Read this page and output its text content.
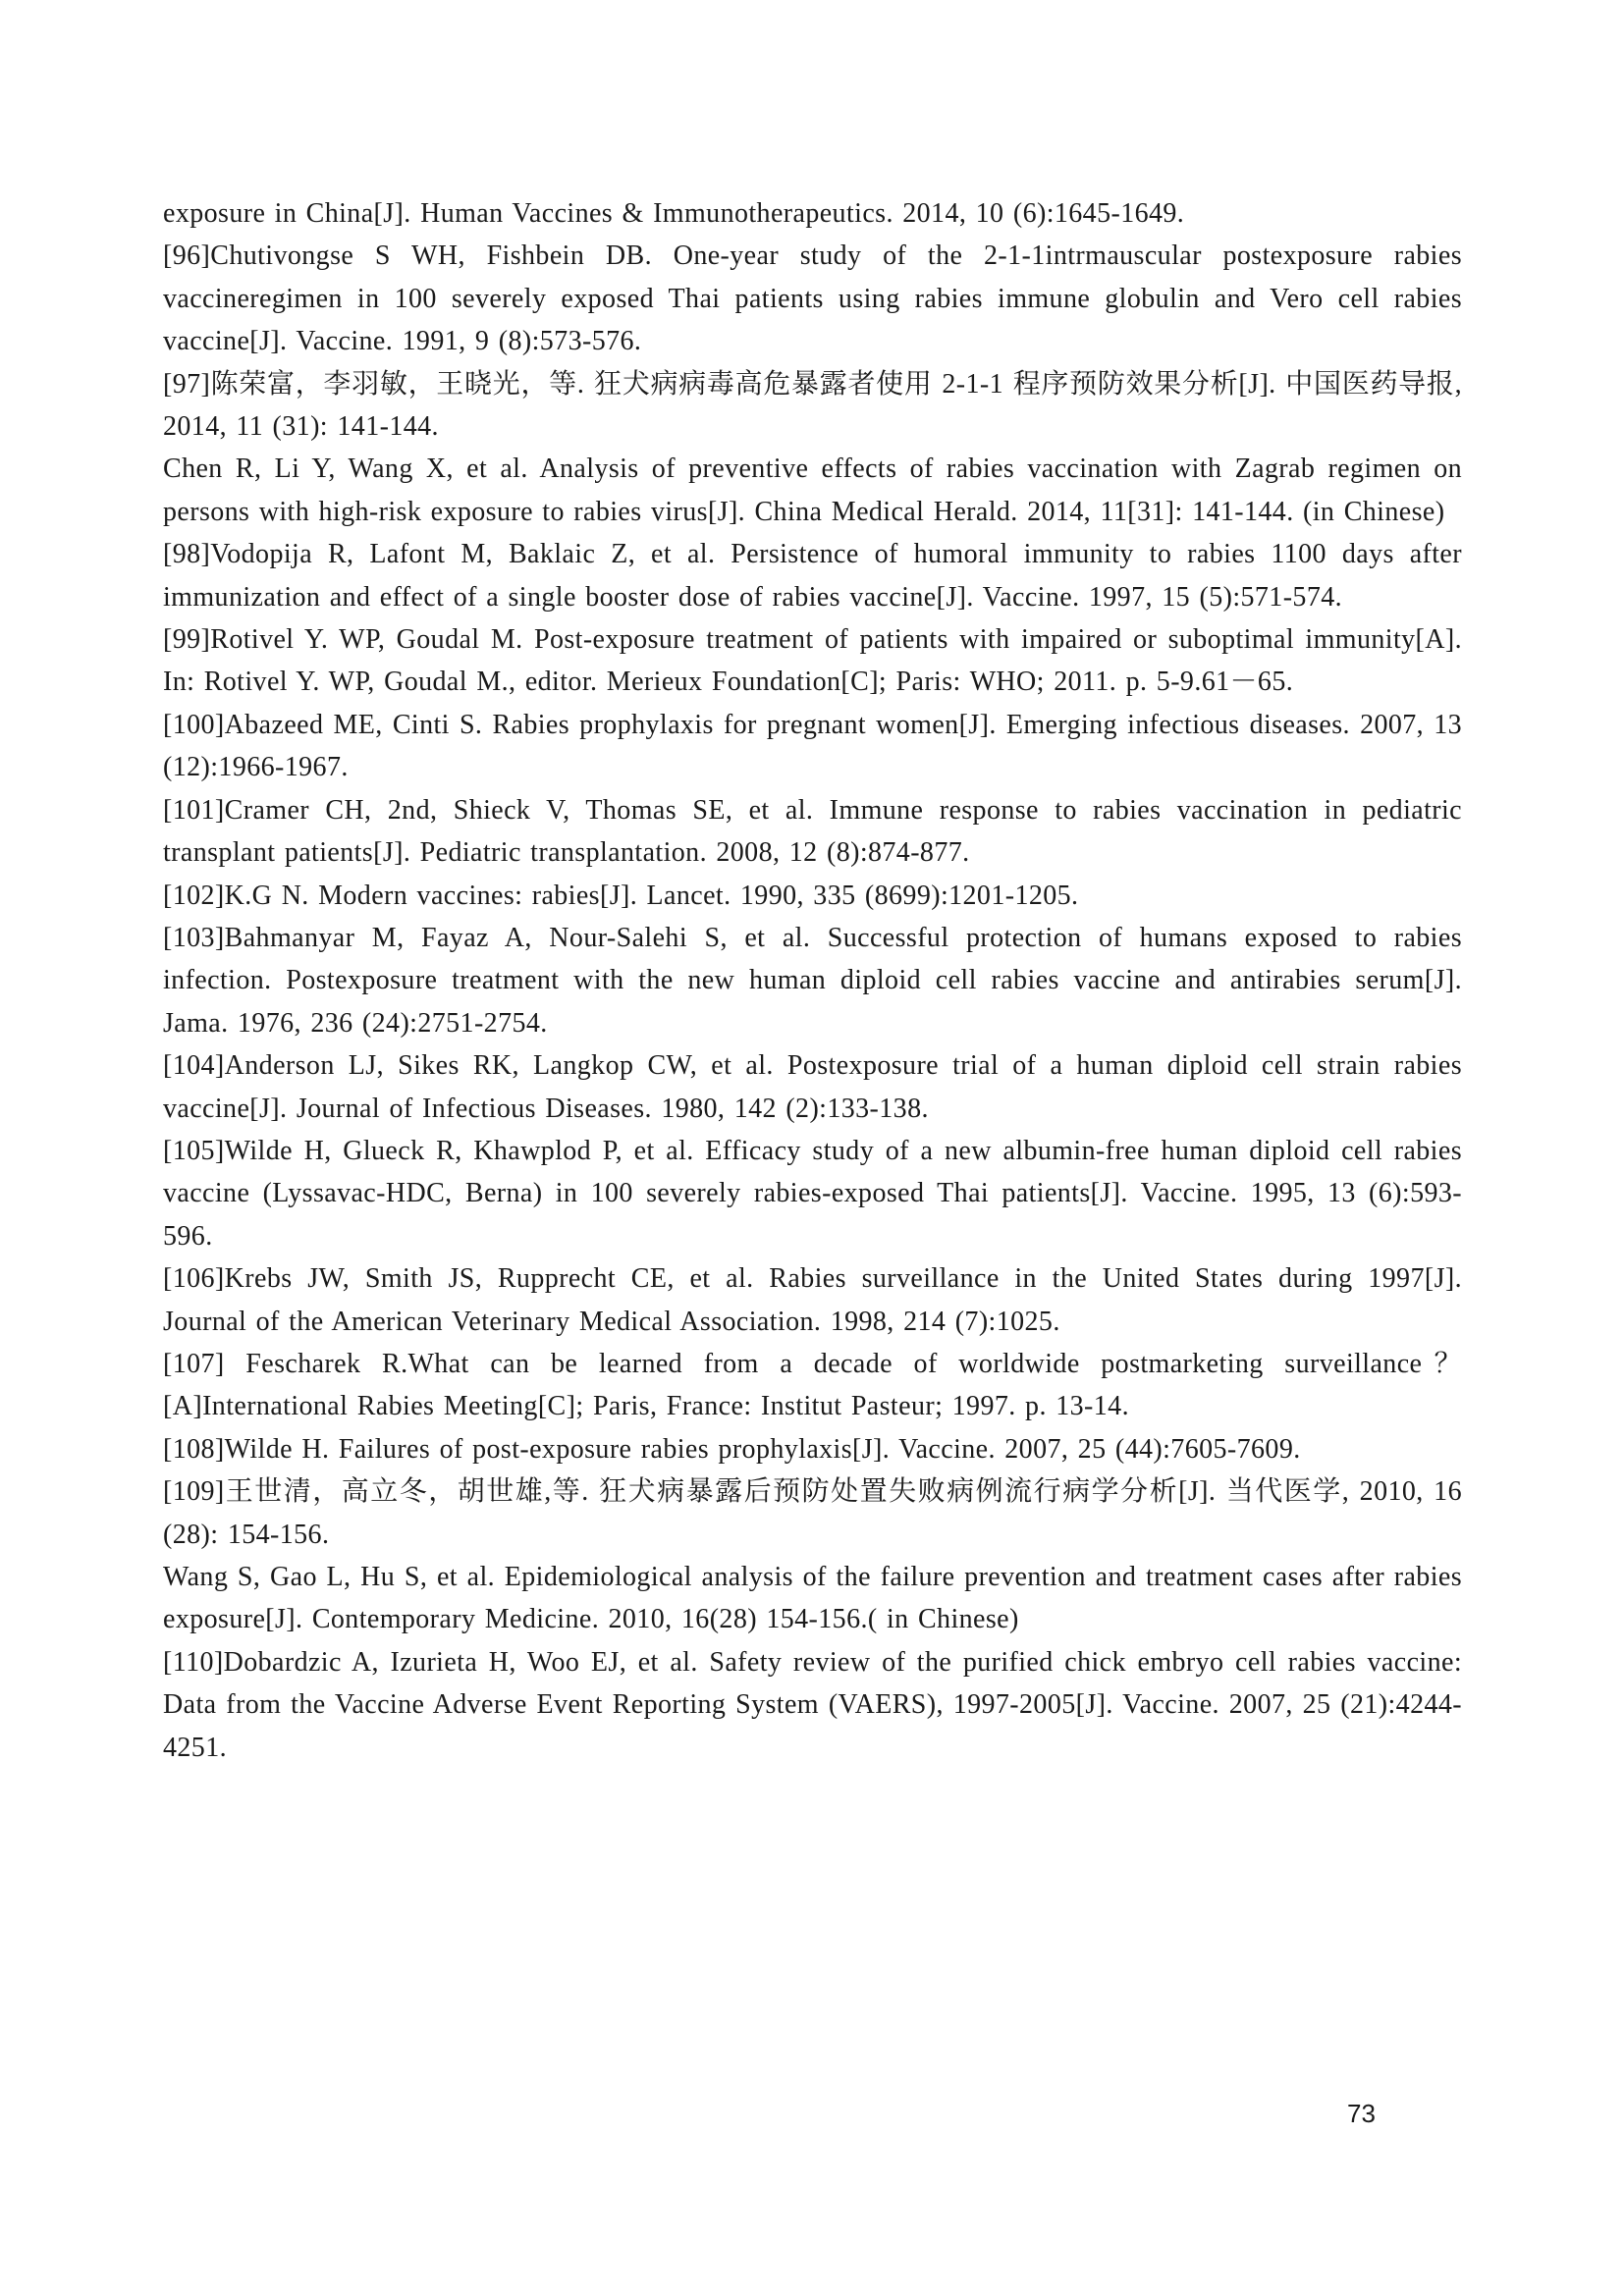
exposure in China[J]. Human Vaccines & Immunotherapeutics. 2014, 10 (6):1645-1649.

[96]Chutivongse S WH, Fishbein DB. One-year study of the 2-1-1intrmauscular postexposure rabies vaccineregimen in 100 severely exposed Thai patients using rabies immune globulin and Vero cell rabies vaccine[J]. Vaccine. 1991, 9 (8):573-576.

[97]陈荣富，李羽敏，王晓光，等. 狂犬病病毒高危暴露者使用 2-1-1 程序预防效果分析[J]. 中国医药导报, 2014, 11 (31): 141-144.

Chen R, Li Y, Wang X, et al. Analysis of preventive effects of rabies vaccination with Zagrab regimen on persons with high-risk exposure to rabies virus[J]. China Medical Herald. 2014, 11[31]: 141-144. (in Chinese)

[98]Vodopija R, Lafont M, Baklaic Z, et al. Persistence of humoral immunity to rabies 1100 days after immunization and effect of a single booster dose of rabies vaccine[J]. Vaccine. 1997, 15 (5):571-574.

[99]Rotivel Y. WP, Goudal M. Post-exposure treatment of patients with impaired or suboptimal immunity[A]. In: Rotivel Y. WP, Goudal M., editor. Merieux Foundation[C]; Paris: WHO; 2011. p. 5-9.61－65.

[100]Abazeed ME, Cinti S. Rabies prophylaxis for pregnant women[J]. Emerging infectious diseases. 2007, 13 (12):1966-1967.

[101]Cramer CH, 2nd, Shieck V, Thomas SE, et al. Immune response to rabies vaccination in pediatric transplant patients[J]. Pediatric transplantation. 2008, 12 (8):874-877.

[102]K.G N. Modern vaccines: rabies[J]. Lancet. 1990, 335 (8699):1201-1205.

[103]Bahmanyar M, Fayaz A, Nour-Salehi S, et al. Successful protection of humans exposed to rabies infection. Postexposure treatment with the new human diploid cell rabies vaccine and antirabies serum[J]. Jama. 1976, 236 (24):2751-2754.

[104]Anderson LJ, Sikes RK, Langkop CW, et al. Postexposure trial of a human diploid cell strain rabies vaccine[J]. Journal of Infectious Diseases. 1980, 142 (2):133-138.

[105]Wilde H, Glueck R, Khawplod P, et al. Efficacy study of a new albumin-free human diploid cell rabies vaccine (Lyssavac-HDC, Berna) in 100 severely rabies-exposed Thai patients[J]. Vaccine. 1995, 13 (6):593-596.

[106]Krebs JW, Smith JS, Rupprecht CE, et al. Rabies surveillance in the United States during 1997[J]. Journal of the American Veterinary Medical Association. 1998, 214 (7):1025.

[107] Fescharek R.What can be learned from a decade of worldwide postmarketing surveillance？[A]International Rabies Meeting[C]; Paris, France: Institut Pasteur; 1997. p. 13-14.

[108]Wilde H. Failures of post-exposure rabies prophylaxis[J]. Vaccine. 2007, 25 (44):7605-7609.

[109]王世清，高立冬，胡世雄,等. 狂犬病暴露后预防处置失败病例流行病学分析[J]. 当代医学, 2010, 16 (28): 154-156.

Wang S, Gao L, Hu S, et al. Epidemiological analysis of the failure prevention and treatment cases after rabies exposure[J]. Contemporary Medicine. 2010, 16(28) 154-156.( in Chinese)

[110]Dobardzic A, Izurieta H, Woo EJ, et al. Safety review of the purified chick embryo cell rabies vaccine: Data from the Vaccine Adverse Event Reporting System (VAERS), 1997-2005[J]. Vaccine. 2007, 25 (21):4244-4251.

73
